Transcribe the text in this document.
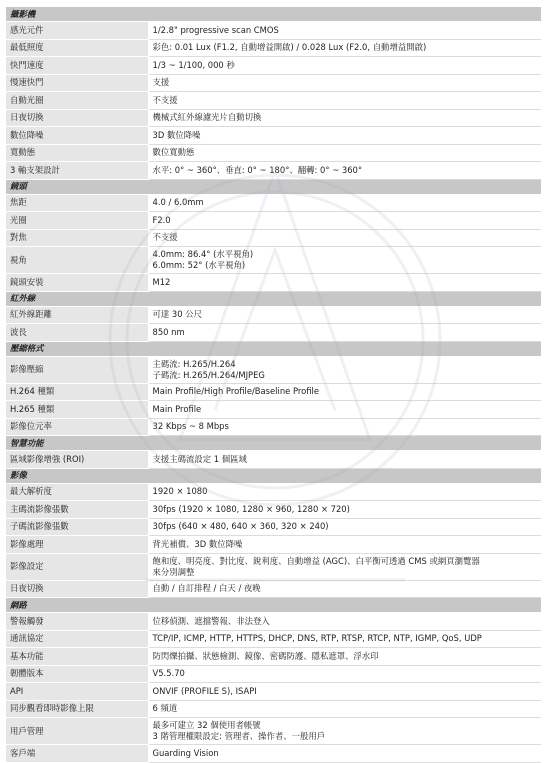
攝影機	
感光元件	1/2.8" progressive scan CMOS

最低照度	彩色: 0.01 Lux (F1.2, 自動增益開啟) / 0.028 Lux (F2.0, 自動增益開啟)

快門速度	1/3 ~ 1/100, 000 秒

慢速快門	支援

自動光圈	不支援

日夜切換	機械式紅外線濾光片自動切換

數位降噪	3D 數位降噪

寬動態	數位寬動態

3 軸支架設計	水平: 0° ~ 360°、垂直: 0° ~ 180°、翻轉: 0° ~ 360°

鏡頭	
焦距	4.0 / 6.0mm

光圈	F2.0

對焦	不支援

視角	4.0mm: 86.4° (水平視角)
6.0mm: 52° (水平視角)

鏡頭安裝	M12

紅外線	
紅外線距離	可達 30 公尺

波長	850 nm

壓縮格式	
影像壓縮	主碼流: H.265/H.264
子碼流: H.265/H.264/MJPEG

H.264 種類	Main Profile/High Profile/Baseline Profile

H.265 種類	Main Profile

影像位元率	32 Kbps ~ 8 Mbps

智慧功能	
區域影像增強 (ROI)	支援主碼流設定 1 個區域

影像	
最大解析度	1920 × 1080

主碼流影像張數	30fps (1920 × 1080, 1280 × 960, 1280 × 720)

子碼流影像張數	30fps (640 × 480, 640 × 360, 320 × 240)

影像處理	背光補償、3D 數位降噪

影像設定	飽和度、明亮度、對比度、銳利度、自動增益 (AGC)、白平衡可透過 CMS 或網頁瀏覽器
來分別調整

日夜切換	自動 / 自訂排程 / 白天 / 夜晚

網路	
警報觸發	位移偵測、遮擋警報、非法登入

通訊協定	TCP/IP, ICMP, HTTP, HTTPS, DHCP, DNS, RTP, RTSP, RTCP, NTP, IGMP, QoS, UDP

基本功能	防閃爍拍攝、狀態檢測、鏡像、密碼防護、隱私遮罩、浮水印

韌體版本	V5.5.70

API	ONVIF (PROFILE S), ISAPI

同步觀看即時影像上限	6 頻道

用戶管理	最多可建立 32 個使用者帳號
3 階管理權限設定: 管理者、操作者、一般用戶

客戶端	Guarding Vision
